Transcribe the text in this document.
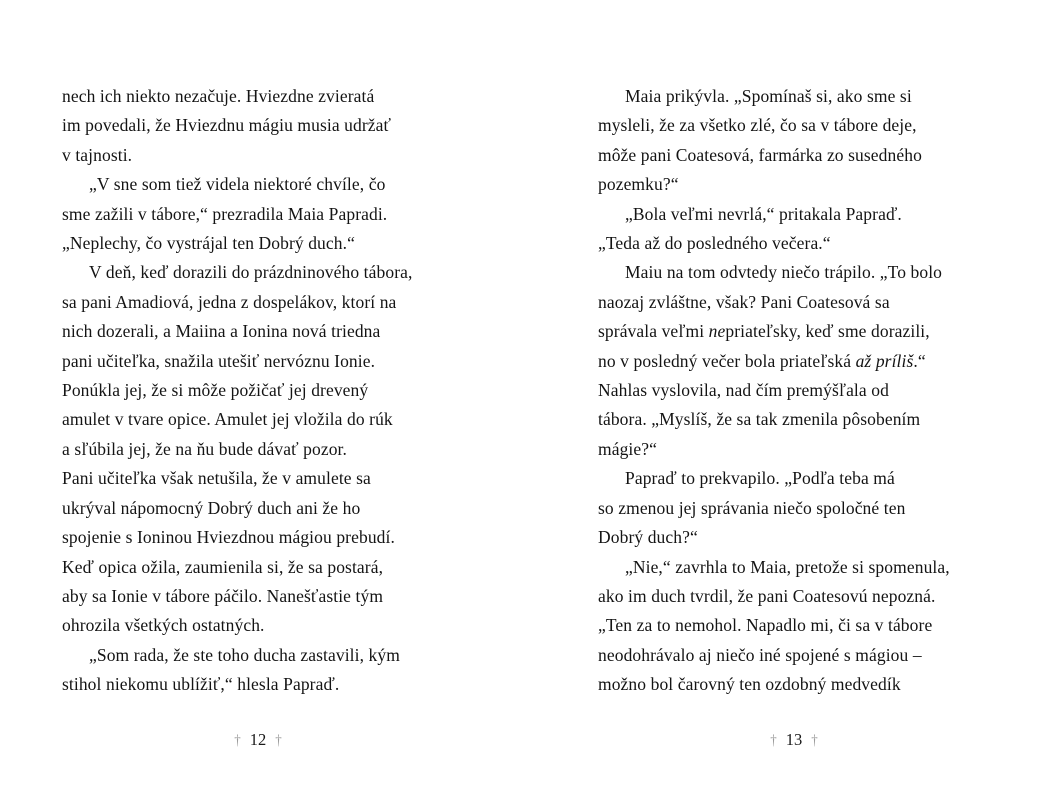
nech ich niekto nezačuje. Hviezdne zvieratá
im povedali, že Hviezdnu mágiu musia udržať
v tajnosti.
„V sne som tiež videla niektoré chvíle, čo
sme zažili v tábore,“ prezradila Maia Papradi.
„Neplechy, čo vystrájal ten Dobrý duch.“
V deň, keď dorazili do prázdninového tábora,
sa pani Amadiová, jedna z dospelákov, ktorí na
nich dozerali, a Maiina a Ionina nová triedna
pani učiteľka, snažila utešiť nervóznu Ionie.
Ponúkla jej, že si môže požičať jej drevený
amulet v tvare opice. Amulet jej vložila do rúk
a sľúbila jej, že na ňu bude dávať pozor.
Pani učiteľka však netušila, že v amulete sa
ukrýval nápomocný Dobrý duch ani že ho
spojenie s Ioninou Hviezdnou mágiou prebudí.
Keď opica ožila, zaumienila si, že sa postará,
aby sa Ionie v tábore páčilo. Nanešťastie tým
ohrozila všetkých ostatných.
„Som rada, že ste toho ducha zastavili, kým
stihol niekomu ublížiť,“ hlesla Papraď.
Maia prikývla. „Spomínaš si, ako sme si
mysleli, že za všetko zlé, čo sa v tábore deje,
môže pani Coatesová, farmárka zo susedného
pozemku?“
„Bola veľmi nevrlá,“ pritakala Papraď.
„Teda až do posledného večera.“
Maiu na tom odvtedy niečo trápilo. „To bolo
naozaj zvláštne, však? Pani Coatesová sa
správala veľmi nepriateľsky, keď sme dorazili,
no v posledný večer bola priateľská až príliš.“
Nahlas vyslovila, nad čím premýšľala od
tábora. „Myslíš, že sa tak zmenila pôsobením
mágie?“
Papraď to prekvapilo. „Podľa teba má
so zmenou jej správania niečo spoločné ten
Dobrý duch?“
„Nie,“ zavrhla to Maia, pretože si spomenula,
ako im duch tvrdil, že pani Coatesovú nepozná.
„Ten za to nemohol. Napadlo mi, či sa v tábore
neodohrávalo aj niečo iné spojené s mágiou –
možno bol čarovný ten ozdobný medvedík
† 12 †	† 13 †
